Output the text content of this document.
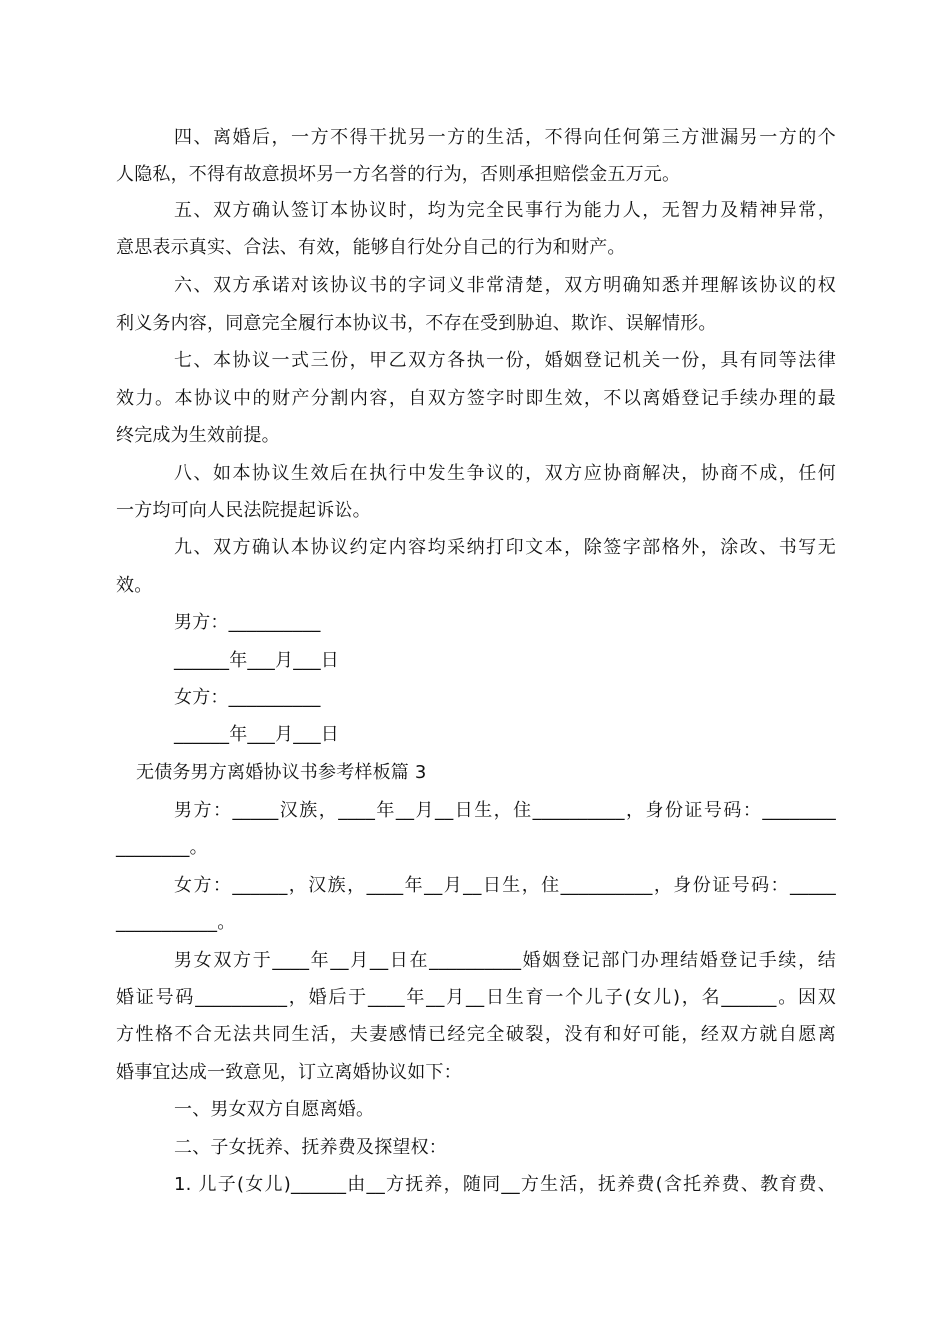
四、离婚后，一方不得干扰另一方的生活，不得向任何第三方泄漏另一方的个
人隐私，不得有故意损坏另一方名誉的行为，否则承担赔偿金五万元。
五、双方确认签订本协议时，均为完全民事行为能力人，无智力及精神异常，
意思表示真实、合法、有效，能够自行处分自己的行为和财产。
六、双方承诺对该协议书的字词义非常清楚，双方明确知悉并理解该协议的权
利义务内容，同意完全履行本协议书，不存在受到胁迫、欺诈、误解情形。
七、本协议一式三份，甲乙双方各执一份，婚姻登记机关一份，具有同等法律
效力。本协议中的财产分割内容，自双方签字时即生效，不以离婚登记手续办理的最
终完成为生效前提。
八、如本协议生效后在执行中发生争议的，双方应协商解决，协商不成，任何
一方均可向人民法院提起诉讼。
九、双方确认本协议约定内容均采纳打印文本，除签字部格外，涂改、书写无
效。
男方：__________
______年___月___日
女方：__________
______年___月___日
无债务男方离婚协议书参考样板篇 3
男方：_____汉族，____年__月__日生，住__________，身份证号码：________
________。
女方：______，汉族，____年__月__日生，住__________，身份证号码：_____
___________。
男女双方于____年__月__日在__________婚姻登记部门办理结婚登记手续，结
婚证号码__________，婚后于____年__月__日生育一个儿子(女儿)，名______。因双
方性格不合无法共同生活，夫妻感情已经完全破裂，没有和好可能，经双方就自愿离
婚事宜达成一致意见，订立离婚协议如下：
一、男女双方自愿离婚。
二、子女抚养、抚养费及探望权：
1. 儿子(女儿)______由__方抚养，随同__方生活，抚养费(含托养费、教育费、
